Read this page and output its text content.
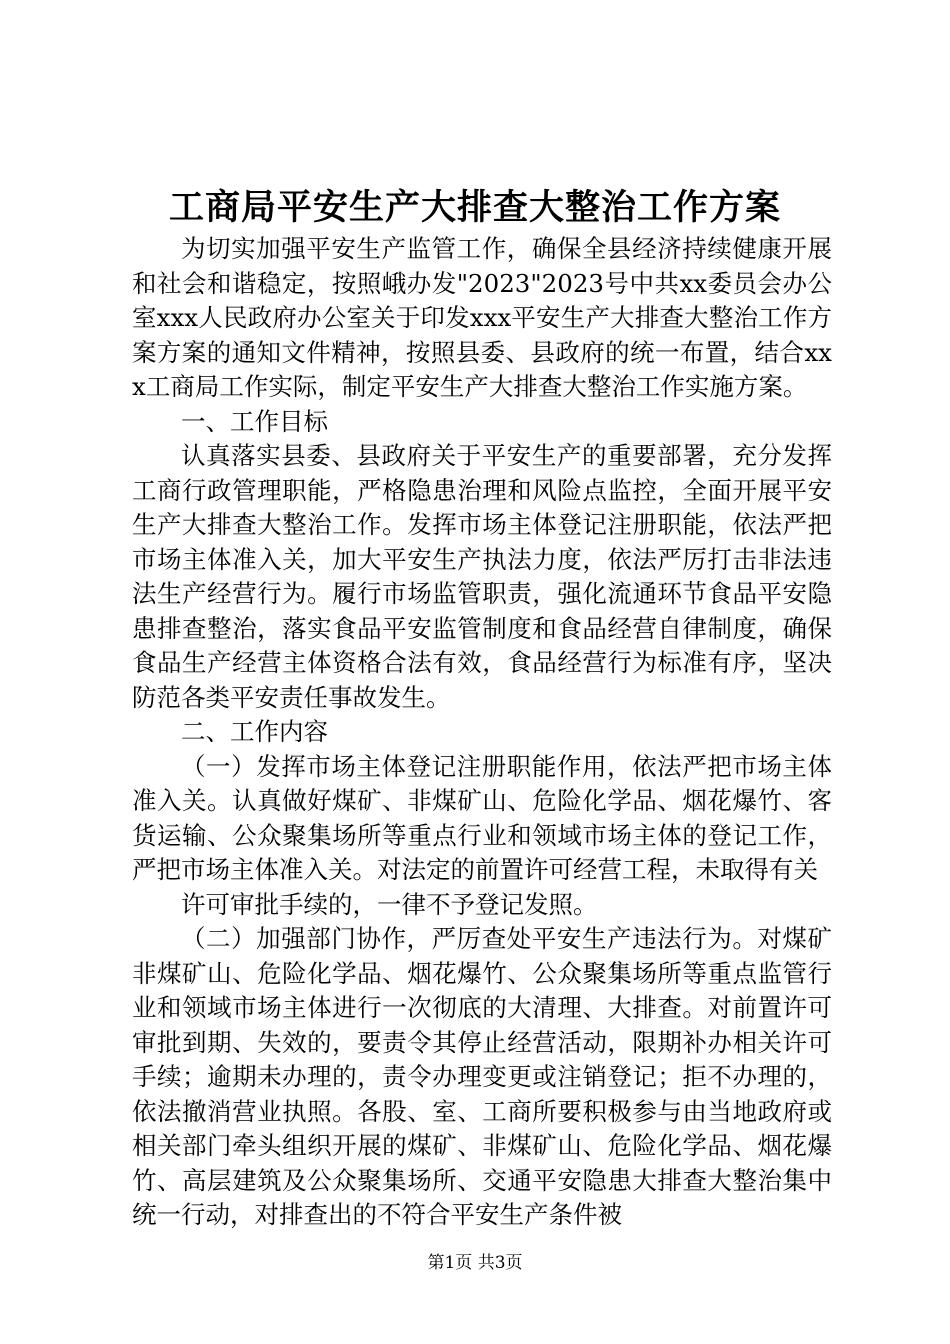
工商局平安生产大排查大整治工作方案

为切实加强平安生产监管工作，确保全县经济持续健康开展和社会和谐稳定，按照峨办发"2023"2023号中共xx委员会办公室xxx人民政府办公室关于印发xxx平安生产大排查大整治工作方案方案的通知文件精神，按照县委、县政府的统一布置，结合xxx工商局工作实际，制定平安生产大排查大整治工作实施方案。

一、工作目标

认真落实县委、县政府关于平安生产的重要部署，充分发挥工商行政管理职能，严格隐患治理和风险点监控，全面开展平安生产大排查大整治工作。发挥市场主体登记注册职能，依法严把市场主体准入关，加大平安生产执法力度，依法严厉打击非法违法生产经营行为。履行市场监管职责，强化流通环节食品平安隐患排查整治，落实食品平安监管制度和食品经营自律制度，确保食品生产经营主体资格合法有效，食品经营行为标准有序，坚决防范各类平安责任事故发生。

二、工作内容

（一）发挥市场主体登记注册职能作用，依法严把市场主体准入关。认真做好煤矿、非煤矿山、危险化学品、烟花爆竹、客货运输、公众聚集场所等重点行业和领域市场主体的登记工作，严把市场主体准入关。对法定的前置许可经营工程，未取得有关

许可审批手续的，一律不予登记发照。

（二）加强部门协作，严厉查处平安生产违法行为。对煤矿非煤矿山、危险化学品、烟花爆竹、公众聚集场所等重点监管行业和领域市场主体进行一次彻底的大清理、大排查。对前置许可审批到期、失效的，要责令其停止经营活动，限期补办相关许可手续；逾期未办理的，责令办理变更或注销登记；拒不办理的，依法撤消营业执照。各股、室、工商所要积极参与由当地政府或相关部门牵头组织开展的煤矿、非煤矿山、危险化学品、烟花爆竹、高层建筑及公众聚集场所、交通平安隐患大排查大整治集中统一行动，对排查出的不符合平安生产条件被

第1页 共3页
